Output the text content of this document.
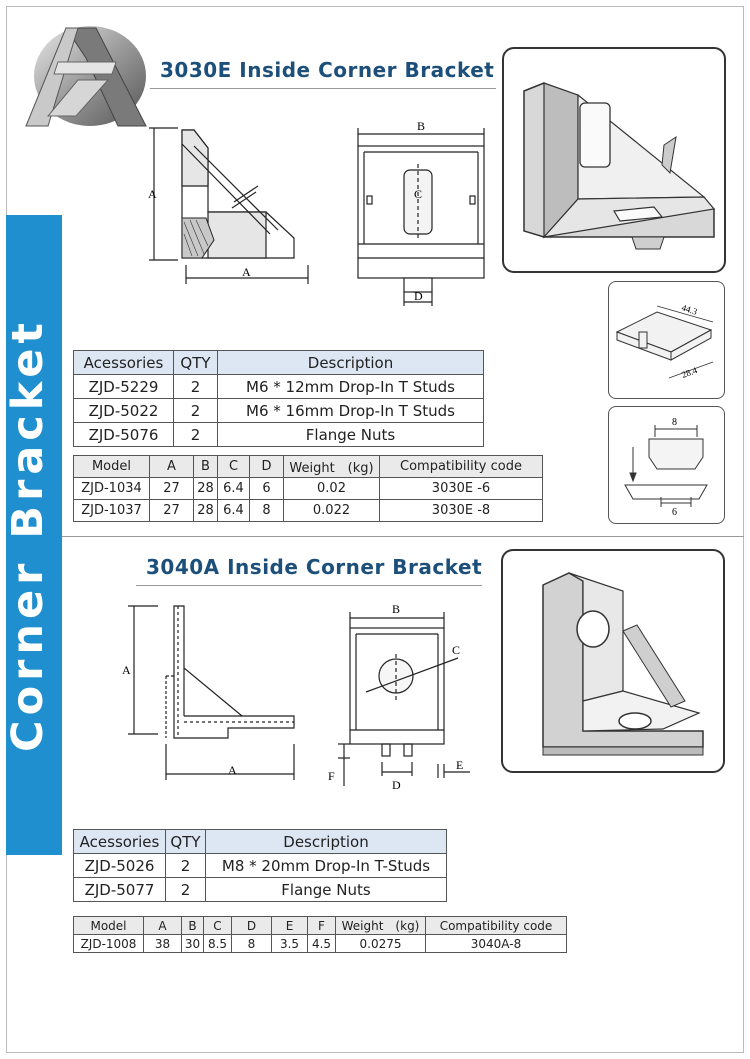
Corner Bracket
3030E Inside Corner Bracket
A
A
B
C
D
44.3
28.4
8
6
Acessories	QTY	Description
ZJD-5229	2	M6 * 12mm Drop-In T Studs
ZJD-5022	2	M6 * 16mm Drop-In T Studs
ZJD-5076	2	Flange Nuts
Model	A	B	C	D	Weight　(kg)	Compatibility code
ZJD-1034	27	28	6.4	6	0.02	3030E -6
ZJD-1037	27	28	6.4	8	0.022	3030E -8
3040A Inside Corner Bracket
A
A
B
C
D
E
F
Acessories	QTY	Description
ZJD-5026	2	M8 * 20mm Drop-In T-Studs
ZJD-5077	2	Flange Nuts
Model	A	B	C	D	E	F	Weight　(kg)	Compatibility code
ZJD-1008	38	30	8.5	8	3.5	4.5	0.0275	3040A-8
